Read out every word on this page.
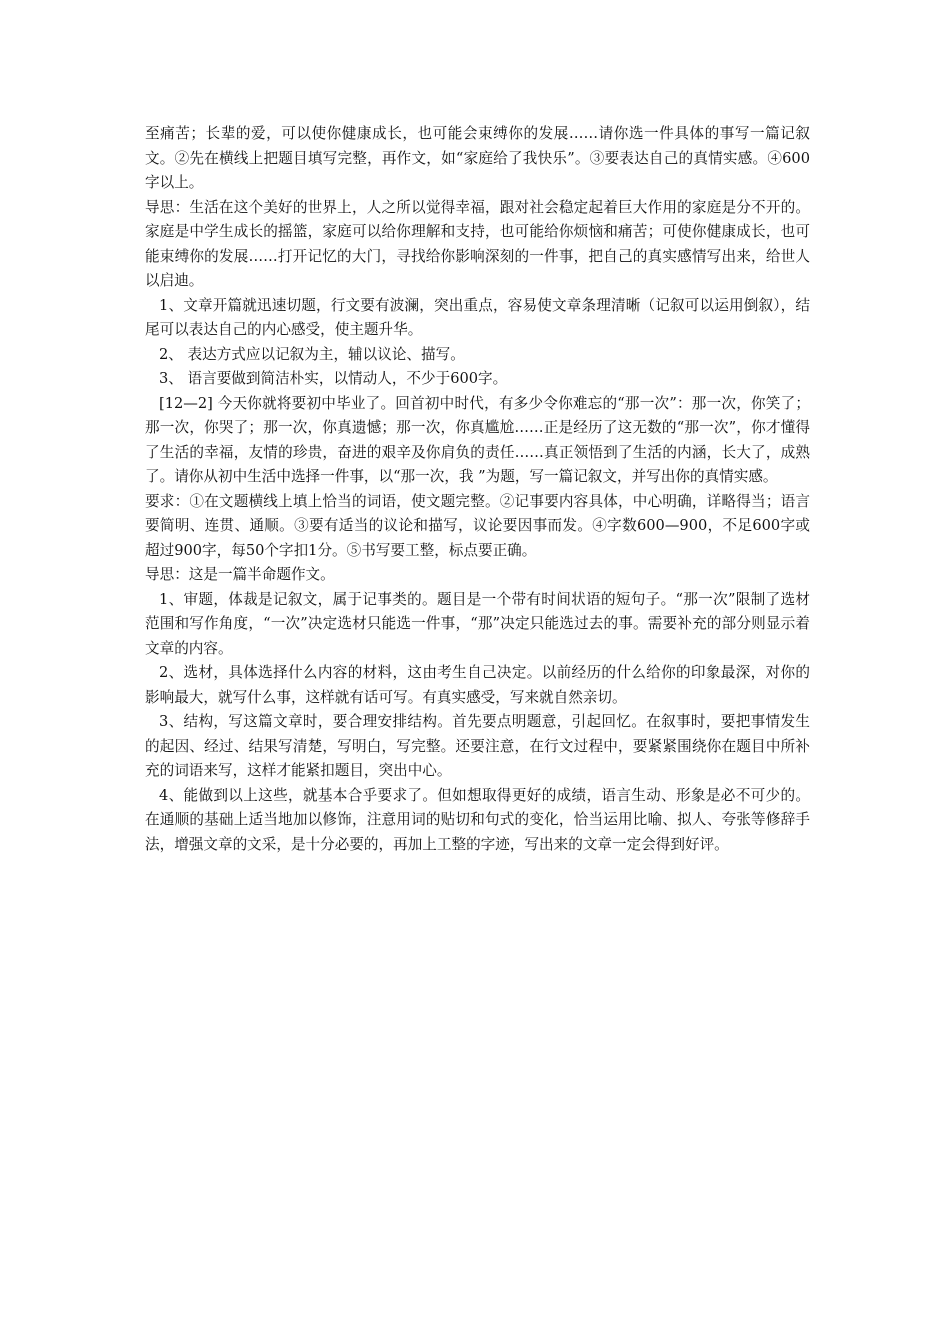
至痛苦；长辈的爱，可以使你健康成长，也可能会束缚你的发展……请你选一件具体的事写一篇记叙文。②先在横线上把题目填写完整，再作文，如“家庭给了我快乐”。③要表达自己的真情实感。④600字以上。

导思：生活在这个美好的世界上，人之所以觉得幸福，跟对社会稳定起着巨大作用的家庭是分不开的。家庭是中学生成长的摇篮，家庭可以给你理解和支持，也可能给你烦恼和痛苦；可使你健康成长，也可能束缚你的发展……打开记忆的大门，寻找给你影响深刻的一件事，把自己的真实感情写出来，给世人以启迪。

1、文章开篇就迅速切题，行文要有波澜，突出重点，容易使文章条理清晰（记叙可以运用倒叙），结尾可以表达自己的内心感受，使主题升华。

2、 表达方式应以记叙为主，辅以议论、描写。

3、 语言要做到简洁朴实，以情动人，不少于600字。

[12—2] 今天你就将要初中毕业了。回首初中时代，有多少令你难忘的“那一次”：那一次，你笑了；那一次，你哭了；那一次，你真遗憾；那一次，你真尴尬……正是经历了这无数的“那一次”，你才懂得了生活的幸福，友情的珍贵，奋进的艰辛及你肩负的责任……真正领悟到了生活的内涵，长大了，成熟了。请你从初中生活中选择一件事，以“那一次，我 ”为题，写一篇记叙文，并写出你的真情实感。

要求：①在文题横线上填上恰当的词语，使文题完整。②记事要内容具体，中心明确，详略得当；语言要简明、连贯、通顺。③要有适当的议论和描写，议论要因事而发。④字数600—900，不足600字或超过900字，每50个字扣1分。⑤书写要工整，标点要正确。

导思：这是一篇半命题作文。

1、审题，体裁是记叙文，属于记事类的。题目是一个带有时间状语的短句子。“那一次”限制了选材范围和写作角度，“一次”决定选材只能选一件事，“那”决定只能选过去的事。需要补充的部分则显示着文章的内容。

2、选材，具体选择什么内容的材料，这由考生自己决定。以前经历的什么给你的印象最深，对你的影响最大，就写什么事，这样就有话可写。有真实感受，写来就自然亲切。

3、结构，写这篇文章时，要合理安排结构。首先要点明题意，引起回忆。在叙事时，要把事情发生的起因、经过、结果写清楚，写明白，写完整。还要注意，在行文过程中，要紧紧围绕你在题目中所补充的词语来写，这样才能紧扣题目，突出中心。

4、能做到以上这些，就基本合乎要求了。但如想取得更好的成绩，语言生动、形象是必不可少的。在通顺的基础上适当地加以修饰，注意用词的贴切和句式的变化，恰当运用比喻、拟人、夸张等修辞手法，增强文章的文采，是十分必要的，再加上工整的字迹，写出来的文章一定会得到好评。
